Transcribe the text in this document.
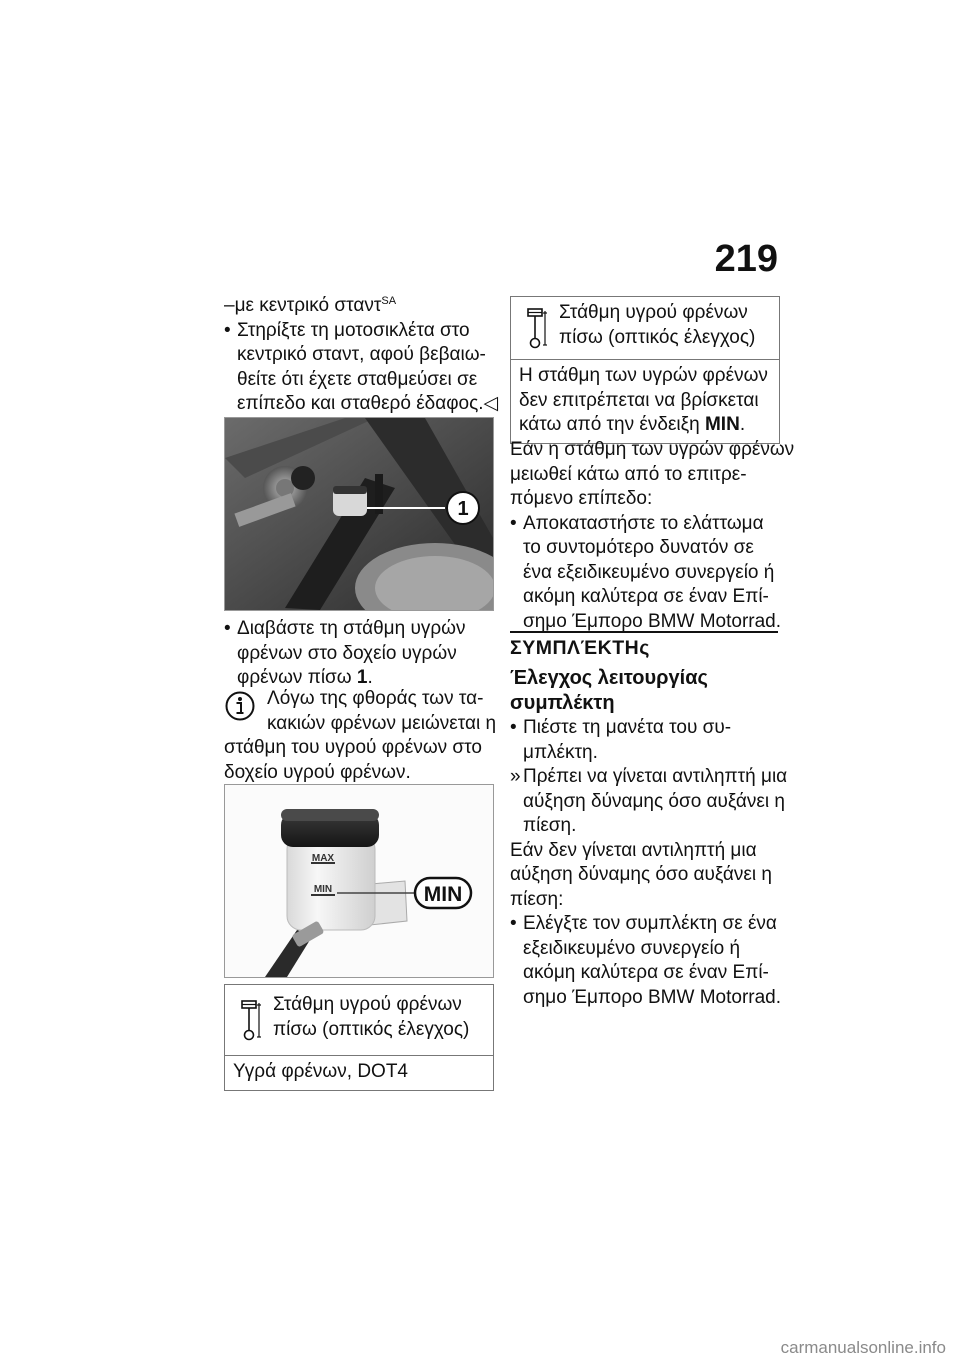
219
–με κεντρικό σταντ$^{SA}$
• Στηρίξτε τη μοτοσικλέτα στο
κεντρικό σταντ, αφού βεβαιω-
θείτε ότι έχετε σταθμεύσει σε
επίπεδο και σταθερό έδαφος.◁
1
• Διαβάστε τη στάθμη υγρών
φρένων στο δοχείο υγρών
φρένων πίσω 1.
Λόγω της φθοράς των τα-
κακιών φρένων μειώνεται η
στάθμη του υγρού φρένων στο
δοχείο υγρού φρένων.
MAX
MIN	MIN
Στάθμη υγρού φρένων
πίσω (οπτικός έλεγχος)
Υγρά φρένων, DOT4
Στάθμη υγρού φρένων
πίσω (οπτικός έλεγχος)
Η στάθμη των υγρών φρένων
δεν επιτρέπεται να βρίσκεται
κάτω από την ένδειξη MIN.
Εάν η στάθμη των υγρών φρένων
μειωθεί κάτω από το επιτρε-
πόμενο επίπεδο:
• Αποκαταστήστε το ελάττωμα
το συντομότερο δυνατόν σε
ένα εξειδικευμένο συνεργείο ή
ακόμη καλύτερα σε έναν Επί-
σημο Έμπορο BMW Motorrad.
ΣΥΜΠΛΈΚΤΗς
Έλεγχος λειτουργίας
συμπλέκτη
• Πιέστε τη μανέτα του συ-
μπλέκτη.
» Πρέπει να γίνεται αντιληπτή μια
αύξηση δύναμης όσο αυξάνει η
πίεση.
Εάν δεν γίνεται αντιληπτή μια
αύξηση δύναμης όσο αυξάνει η
πίεση:
• Ελέγξτε τον συμπλέκτη σε ένα
εξειδικευμένο συνεργείο ή
ακόμη καλύτερα σε έναν Επί-
σημο Έμπορο BMW Motorrad.
carmanualsonline.info
